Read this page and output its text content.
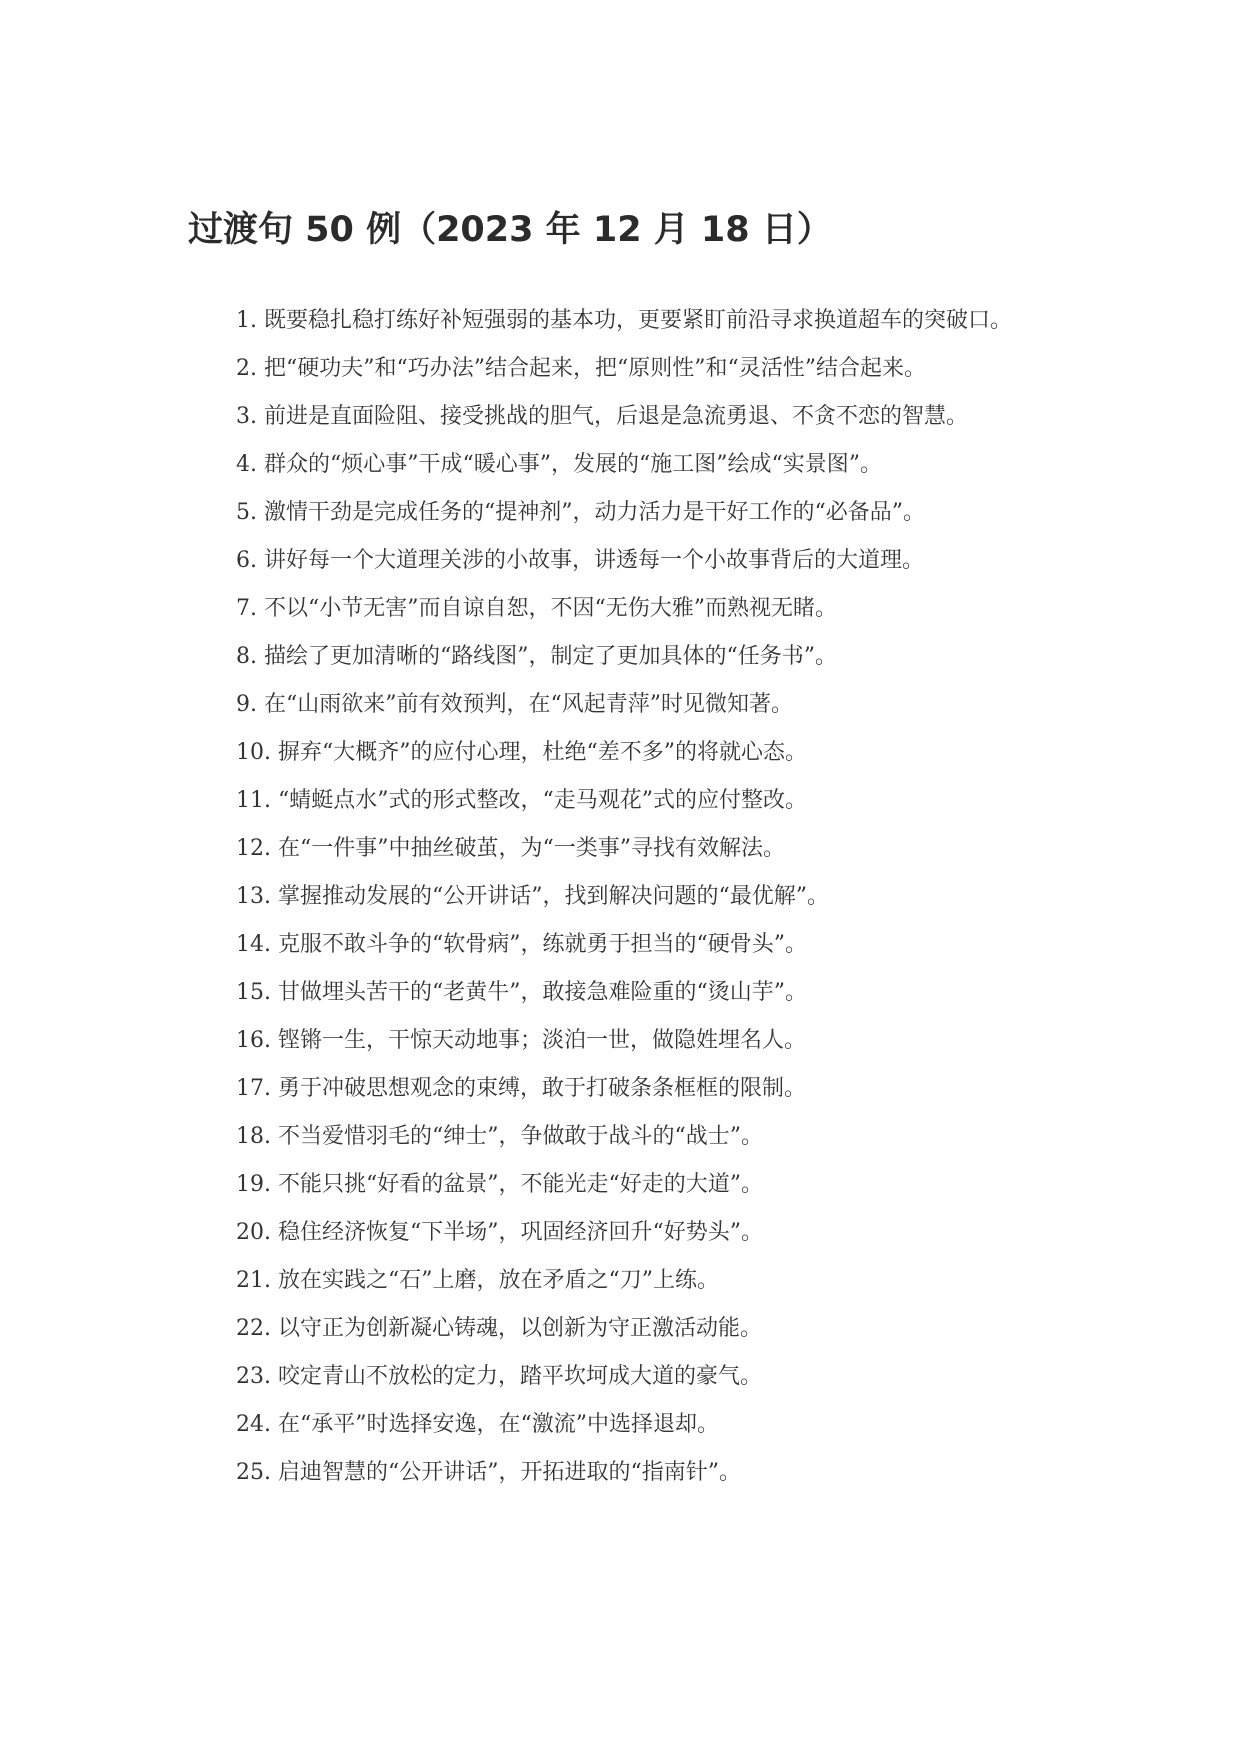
过渡句 50 例（2023 年 12 月 18 日）
1. 既要稳扎稳打练好补短强弱的基本功，更要紧盯前沿寻求换道超车的突破口。
2. 把“硬功夫”和“巧办法”结合起来，把“原则性”和“灵活性”结合起来。
3. 前进是直面险阻、接受挑战的胆气，后退是急流勇退、不贪不恋的智慧。
4. 群众的“烦心事”干成“暖心事”，发展的“施工图”绘成“实景图”。
5. 激情干劲是完成任务的“提神剂”，动力活力是干好工作的“必备品”。
6. 讲好每一个大道理关涉的小故事，讲透每一个小故事背后的大道理。
7. 不以“小节无害”而自谅自恕，不因“无伤大雅”而熟视无睹。
8. 描绘了更加清晰的“路线图”，制定了更加具体的“任务书”。
9. 在“山雨欲来”前有效预判，在“风起青萍”时见微知著。
10. 摒弃“大概齐”的应付心理，杜绝“差不多”的将就心态。
11. “蜻蜓点水”式的形式整改，“走马观花”式的应付整改。
12. 在“一件事”中抽丝破茧，为“一类事”寻找有效解法。
13. 掌握推动发展的“公开讲话”，找到解决问题的“最优解”。
14. 克服不敢斗争的“软骨病”，练就勇于担当的“硬骨头”。
15. 甘做埋头苦干的“老黄牛”，敢接急难险重的“烫山芋”。
16. 铿锵一生，干惊天动地事；淡泊一世，做隐姓埋名人。
17. 勇于冲破思想观念的束缚，敢于打破条条框框的限制。
18. 不当爱惜羽毛的“绅士”，争做敢于战斗的“战士”。
19. 不能只挑“好看的盆景”，不能光走“好走的大道”。
20. 稳住经济恢复“下半场”，巩固经济回升“好势头”。
21. 放在实践之“石”上磨，放在矛盾之“刀”上练。
22. 以守正为创新凝心铸魂，以创新为守正激活动能。
23. 咬定青山不放松的定力，踏平坎坷成大道的豪气。
24. 在“承平”时选择安逸，在“激流”中选择退却。
25. 启迪智慧的“公开讲话”，开拓进取的“指南针”。
